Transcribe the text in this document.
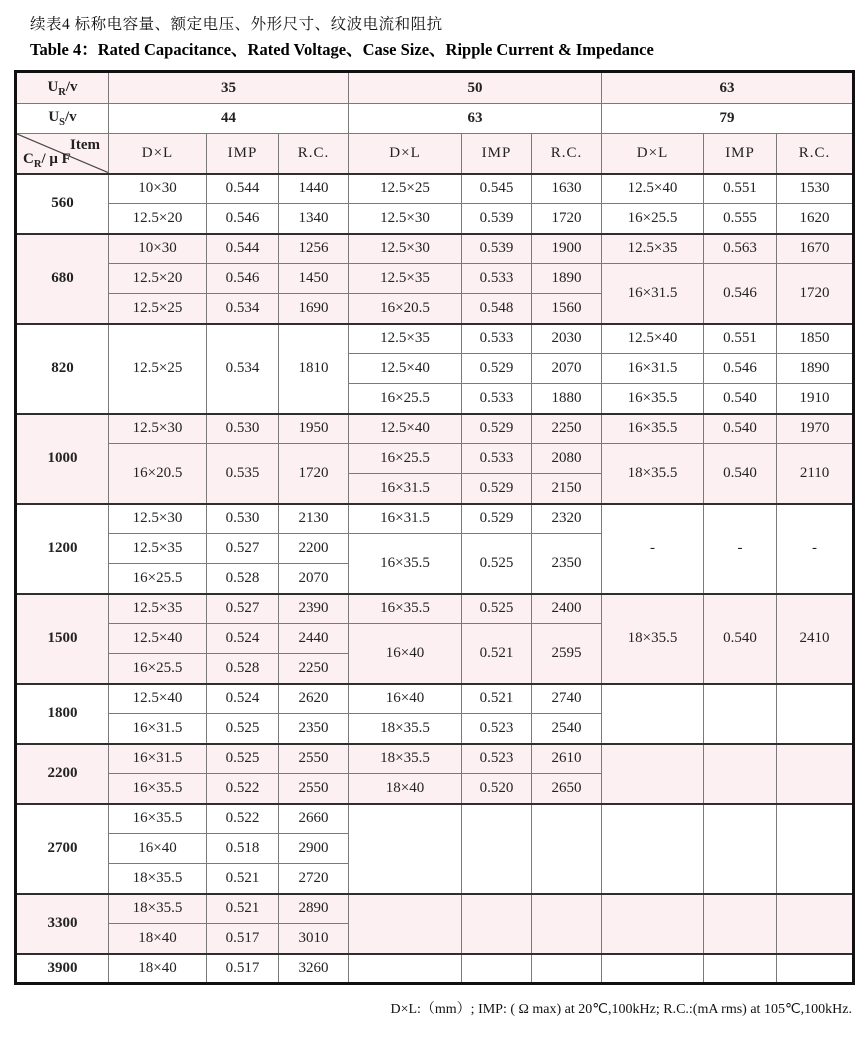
续表4 标称电容量、额定电压、外形尺寸、纹波电流和阻抗
Table 4：Rated Capacitance、Rated Voltage、Case Size、Ripple Current & Impedance
$U_R/v$	35			50			63		
$U_S/v$	44			63			79		

Item
$C_R/$ μ F	D×L	IMP	R.C.	D×L	IMP	R.C.	D×L	IMP	R.C.
560	10×30	0.544	1440	12.5×25	0.545	1630	12.5×40	0.551	1530
	12.5×20	0.546	1340	12.5×30	0.539	1720	16×25.5	0.555	1620
680	10×30	0.544	1256	12.5×30	0.539	1900	12.5×35	0.563	1670
	12.5×20	0.546	1450	12.5×35	0.533	1890	16×31.5	0.546	1720
	12.5×25	0.534	1690	16×20.5	0.548	1560			
820	12.5×25	0.534	1810	12.5×35	0.533	2030	12.5×40	0.551	1850
				12.5×40	0.529	2070	16×31.5	0.546	1890
				16×25.5	0.533	1880	16×35.5	0.540	1910
1000	12.5×30	0.530	1950	12.5×40	0.529	2250	16×35.5	0.540	1970
	16×20.5	0.535	1720	16×25.5	0.533	2080	18×35.5	0.540	2110
				16×31.5	0.529	2150			
1200	12.5×30	0.530	2130	16×31.5	0.529	2320	-	-	-
	12.5×35	0.527	2200	16×35.5	0.525	2350			
	16×25.5	0.528	2070						
1500	12.5×35	0.527	2390	16×35.5	0.525	2400	18×35.5	0.540	2410
	12.5×40	0.524	2440	16×40	0.521	2595			
	16×25.5	0.528	2250						
1800	12.5×40	0.524	2620	16×40	0.521	2740			
	16×31.5	0.525	2350	18×35.5	0.523	2540			
2200	16×31.5	0.525	2550	18×35.5	0.523	2610			
	16×35.5	0.522	2550	18×40	0.520	2650			
2700	16×35.5	0.522	2660						
	16×40	0.518	2900						
	18×35.5	0.521	2720						
3300	18×35.5	0.521	2890						
	18×40	0.517	3010						
3900	18×40	0.517	3260						
D×L:（mm）; IMP: ( Ω max) at 20℃,100kHz; R.C.:(mA rms) at 105℃,100kHz.
